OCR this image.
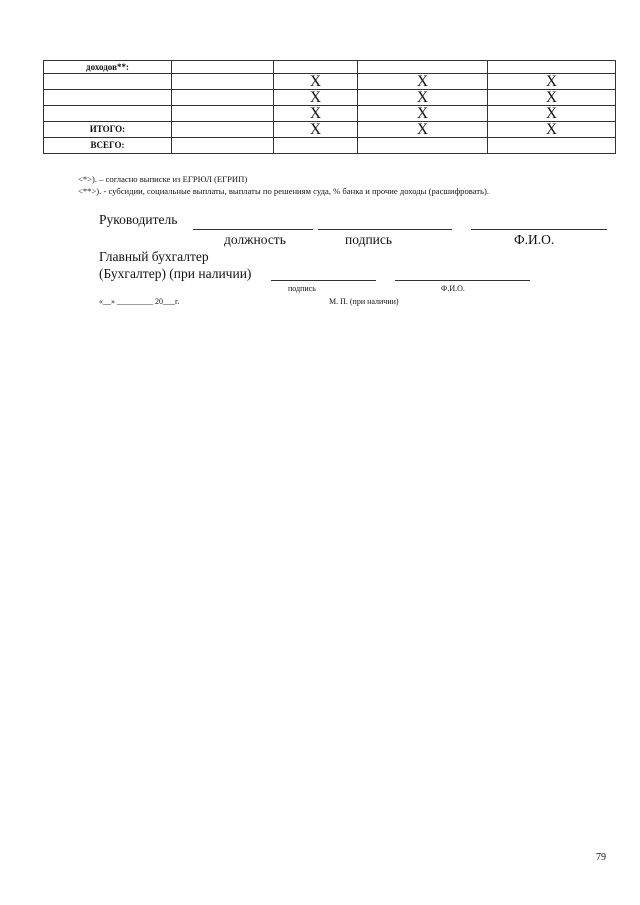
доходов**:					
		X	X	X	
		X	X	X	
		X	X	X	
ИТОГО:		X	X	X	
ВСЕГО:					
<*>). – согласно выписке из ЕГРЮЛ (ЕГРИП)
<**>). - субсидии, социальные выплаты, выплаты по решениям суда, % банка и прочие доходы (расшифровать).
Руководитель
должность	подпись	Ф.И.О.
Главный бухгалтер
(Бухгалтер) (при наличии)
подпись	Ф.И.О.
«__» _________ 20___г.	М. П. (при наличии)
79
